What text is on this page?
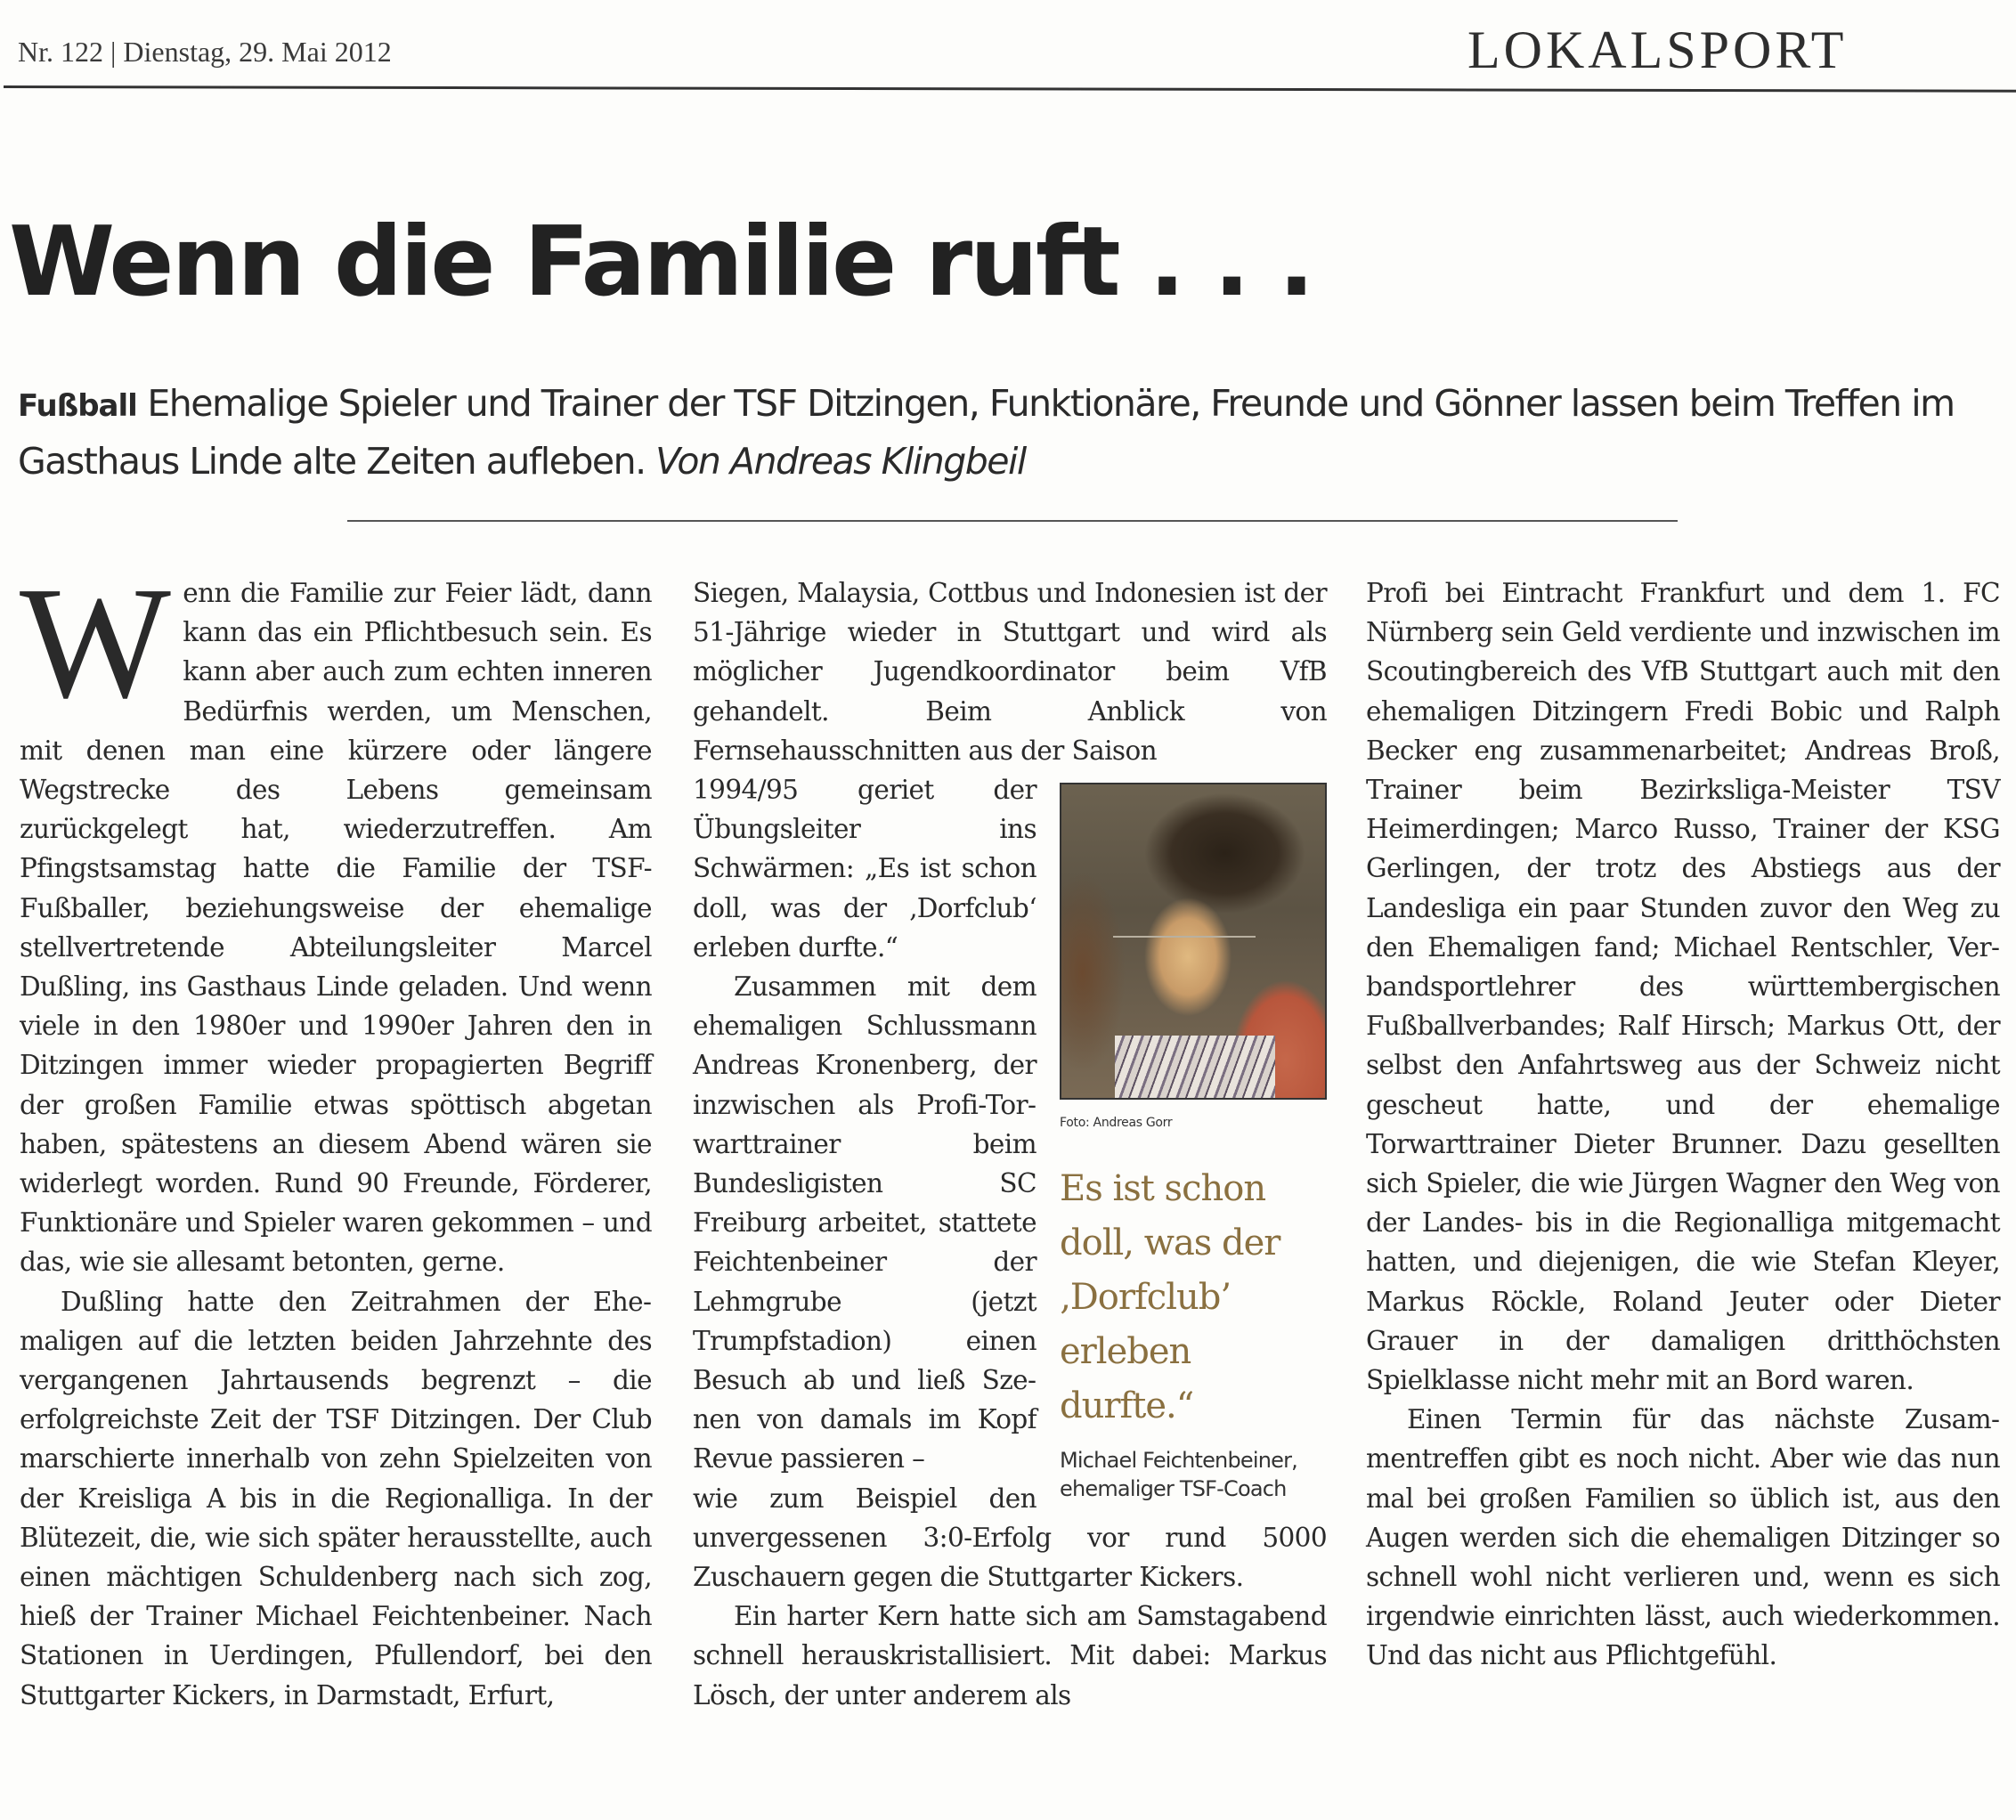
Nr. 122 | Dienstag, 29. Mai 2012	LOKALSPORT
Wenn die Familie ruft . . .
Fußball Ehemalige Spieler und Trainer der TSF Ditzingen, Funktionäre, Freunde und Gönner lassen beim Treffen im Gasthaus Linde alte Zeiten aufleben. Von Andreas Klingbeil

W enn die Familie zur Feier lädt, dann kann das ein Pflichtbesuch sein. Es kann aber auch zum echten inneren Bedürfnis werden, um Menschen, mit denen man eine kürzere oder längere Wegstrecke des Lebens gemeinsam zurückgelegt hat, wiederzutreffen. Am Pfingstsamstag hatte die Familie der TSF-Fußballer, beziehungsweise der ehemalige stellvertretende Abteilungsleiter Marcel Dußling, ins Gasthaus Linde geladen. Und wenn viele in den 1980er und 1990er Jahren den in Ditzingen immer wieder propagierten Begriff der großen Familie etwas spöttisch abgetan haben, spätestens an diesem Abend wären sie widerlegt worden. Rund 90 Freunde, Förderer, Funktionäre und Spieler waren gekommen – und das, wie sie allesamt betonten, gerne.

Dußling hatte den Zeitrahmen der Ehemaligen auf die letzten beiden Jahrzehnte des vergangenen Jahrtausends begrenzt – die erfolgreichste Zeit der TSF Ditzingen. Der Club marschierte innerhalb von zehn Spielzeiten von der Kreisliga A bis in die Regionalliga. In der Blütezeit, die, wie sich später herausstellte, auch einen mächtigen Schuldenberg nach sich zog, hieß der Trainer Michael Feichtenbeiner. Nach Stationen in Uerdingen, Pfullendorf, bei den Stuttgarter Kickers, in Darmstadt, Erfurt,

Siegen, Malaysia, Cottbus und Indonesien ist der 51-Jährige wieder in Stuttgart und wird als möglicher Jugendkoordinator beim VfB gehandelt. Beim Anblick von Fernsehausschnitten aus der Saison

Foto: Andreas Gorr
Es ist schon doll, was der ‚Dorfclub’ erleben durfte.“
Michael Feichtenbeiner,
ehemaliger TSF-Coach

1994/95 geriet der Übungsleiter ins Schwärmen: „Es ist schon doll, was der ‚Dorfclub‘ erleben durfte.“

Zusammen mit dem ehemaligen Schlussmann Andreas Kronenberg, der inzwischen als Profi-Torwarttrainer beim Bundesligisten SC Freiburg arbeitet, stattete Feichtenbeiner der Lehmgrube (jetzt Trumpfstadion) einen Besuch ab und ließ Szenen von damals im Kopf Revue passieren –

wie zum Beispiel den unvergessenen 3:0-Erfolg vor rund 5000 Zuschauern gegen die Stuttgarter Kickers.

Ein harter Kern hatte sich am Samstagabend schnell herauskristallisiert. Mit dabei: Markus Lösch, der unter anderem als

Profi bei Eintracht Frankfurt und dem 1. FC Nürnberg sein Geld verdiente und inzwischen im Scoutingbereich des VfB Stuttgart auch mit den ehemaligen Ditzingern Fredi Bobic und Ralph Becker eng zusammenarbeitet; Andreas Broß, Trainer beim Bezirksliga-Meister TSV Heimerdingen; Marco Russo, Trainer der KSG Gerlingen, der trotz des Abstiegs aus der Landesliga ein paar Stunden zuvor den Weg zu den Ehemaligen fand; Michael Rentschler, Verbandsportlehrer des württembergischen Fußballverbandes; Ralf Hirsch; Markus Ott, der selbst den Anfahrtsweg aus der Schweiz nicht gescheut hatte, und der ehemalige Torwarttrainer Dieter Brunner. Dazu gesellten sich Spieler, die wie Jürgen Wagner den Weg von der Landes- bis in die Regionalliga mitgemacht hatten, und diejenigen, die wie Stefan Kleyer, Markus Röckle, Roland Jeuter oder Dieter Grauer in der damaligen dritthöchsten Spielklasse nicht mehr mit an Bord waren.

Einen Termin für das nächste Zusammentreffen gibt es noch nicht. Aber wie das nun mal bei großen Familien so üblich ist, aus den Augen werden sich die ehemaligen Ditzinger so schnell wohl nicht verlieren und, wenn es sich irgendwie einrichten lässt, auch wiederkommen. Und das nicht aus Pflichtgefühl.
